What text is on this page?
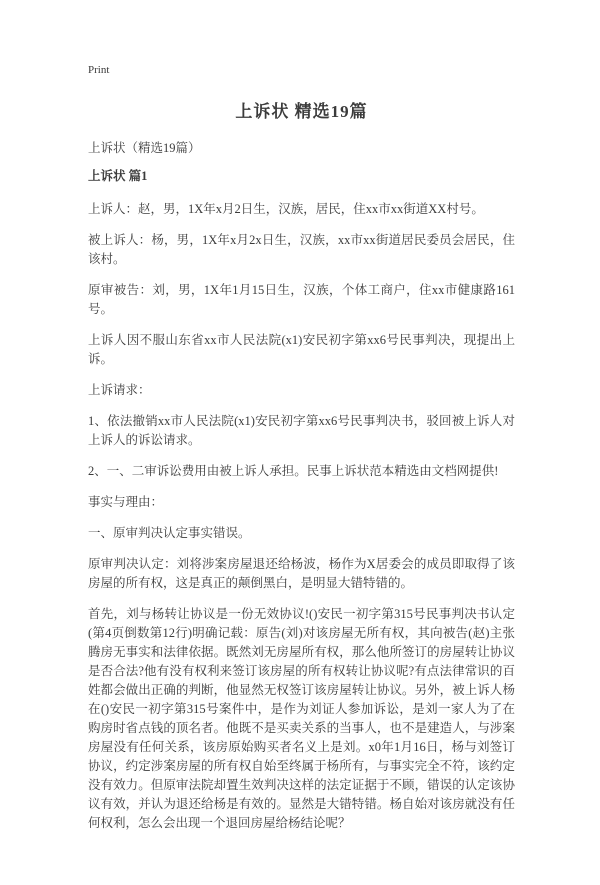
Print
上诉状 精选19篇

上诉状（精选19篇）

上诉状 篇1

上诉人：赵，男，1X年x月2日生，汉族，居民，住xx市xx街道XX村号。

被上诉人：杨，男，1X年x月2x日生，汉族，xx市xx街道居民委员会居民，住该村。

原审被告：刘，男，1X年1月15日生，汉族，个体工商户，住xx市健康路161号。

上诉人因不服山东省xx市人民法院(x1)安民初字第xx6号民事判决，现提出上诉。

上诉请求：

1、依法撤销xx市人民法院(x1)安民初字第xx6号民事判决书，驳回被上诉人对上诉人的诉讼请求。

2、一、二审诉讼费用由被上诉人承担。民事上诉状范本精选由文档网提供!

事实与理由：

一、原审判决认定事实错误。

原审判决认定：刘将涉案房屋退还给杨波，杨作为X居委会的成员即取得了该房屋的所有权，这是真正的颠倒黑白，是明显大错特错的。

首先，刘与杨转让协议是一份无效协议!()安民一初字第315号民事判决书认定(第4页倒数第12行)明确记载：原告(刘)对该房屋无所有权，其向被告(赵)主张腾房无事实和法律依据。既然刘无房屋所有权，那么他所签订的房屋转让协议是否合法?他有没有权利来签订该房屋的所有权转让协议呢?有点法律常识的百姓都会做出正确的判断，他显然无权签订该房屋转让协议。另外，被上诉人杨在()安民一初字第315号案件中，是作为刘证人参加诉讼，是刘一家人为了在购房时省点钱的顶名者。他既不是买卖关系的当事人，也不是建造人，与涉案房屋没有任何关系，该房原始购买者名义上是刘。x0年1月16日，杨与刘签订协议，约定涉案房屋的所有权自始至终属于杨所有，与事实完全不符，该约定没有效力。但原审法院却置生效判决这样的法定证据于不顾，错误的认定该协议有效，并认为退还给杨是有效的。显然是大错特错。杨自始对该房就没有任何权利，怎么会出现一个退回房屋给杨结论呢？
